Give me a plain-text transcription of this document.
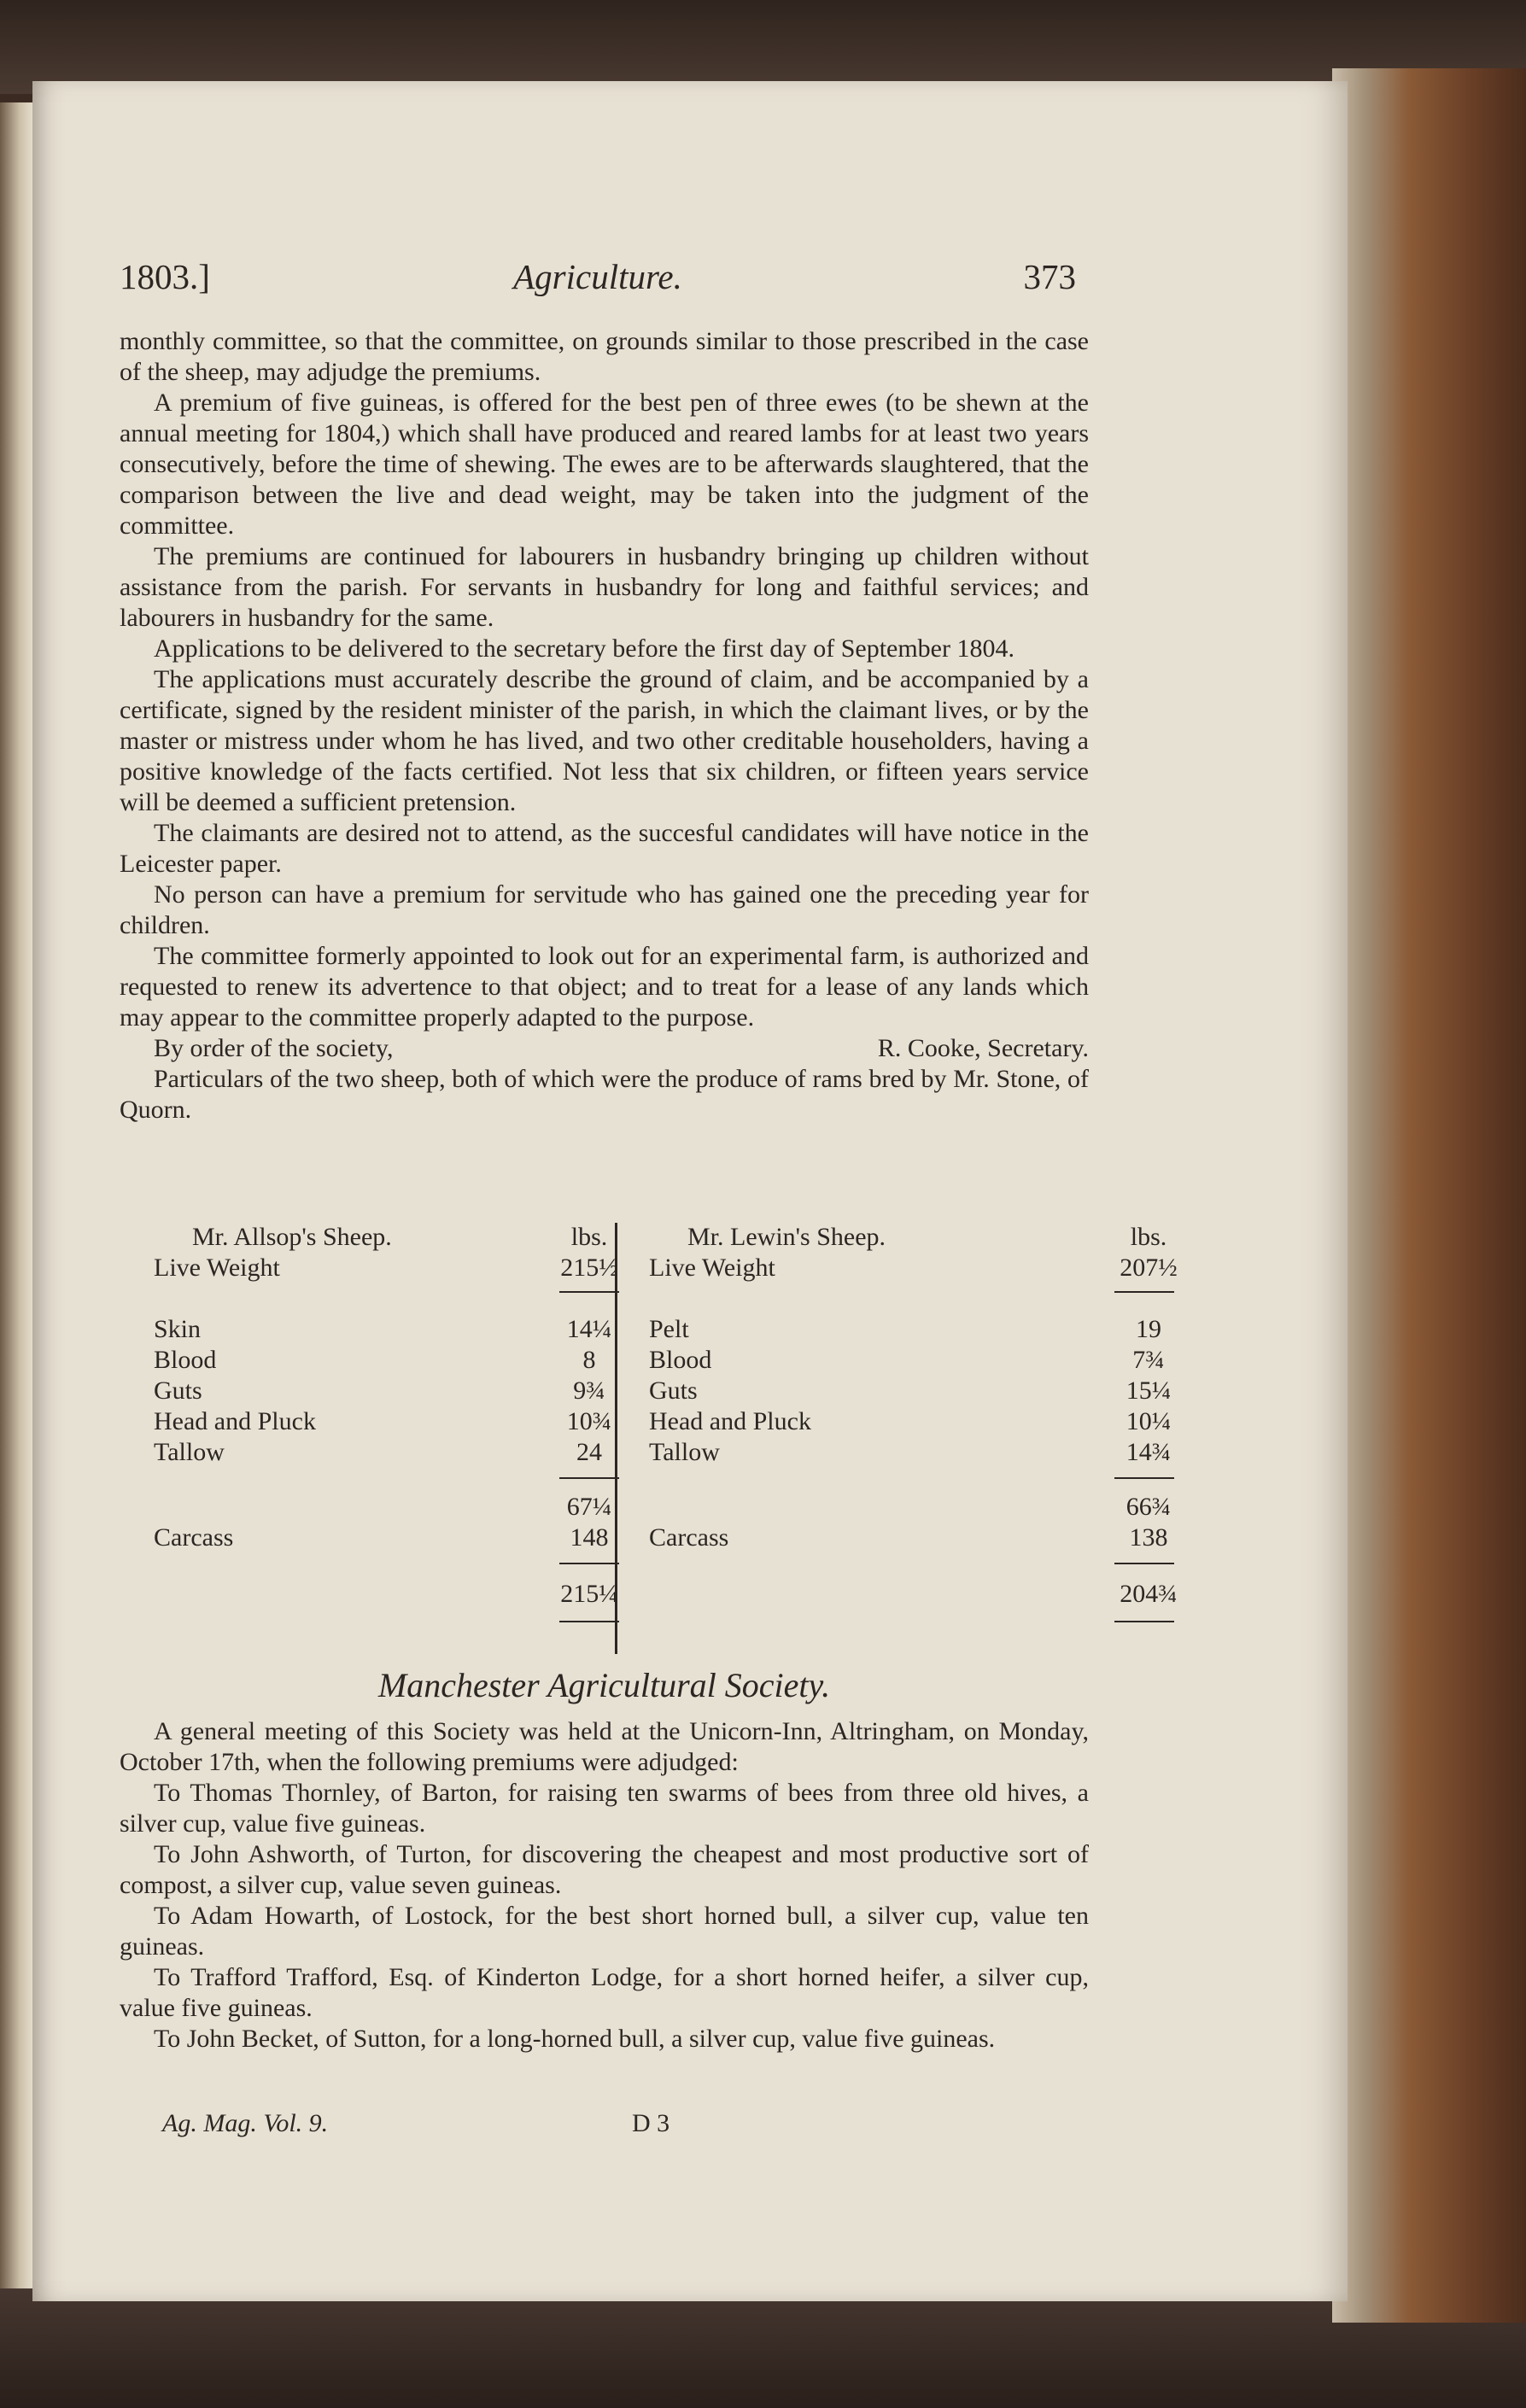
1803.]	Agriculture.	373

monthly committee, so that the committee, on grounds similar to those prescribed in the case of the sheep, may adjudge the premiums.

A premium of five guineas, is offered for the best pen of three ewes (to be shewn at the annual meeting for 1804,) which shall have produced and reared lambs for at least two years consecutively, before the time of shewing. The ewes are to be afterwards slaughtered, that the comparison between the live and dead weight, may be taken into the judgment of the committee.

The premiums are continued for labourers in husbandry bringing up children without assistance from the parish. For servants in husbandry for long and faithful services; and labourers in husbandry for the same.

Applications to be delivered to the secretary before the first day of September 1804.

The applications must accurately describe the ground of claim, and be accompanied by a certificate, signed by the resident minister of the parish, in which the claimant lives, or by the master or mistress under whom he has lived, and two other creditable householders, having a positive knowledge of the facts certified. Not less that six children, or fifteen years service will be deemed a sufficient pretension.

The claimants are desired not to attend, as the succesful candidates will have notice in the Leicester paper.

No person can have a premium for servitude who has gained one the preceding year for children.

The committee formerly appointed to look out for an experimental farm, is authorized and requested to renew its advertence to that object; and to treat for a lease of any lands which may appear to the committee properly adapted to the purpose.

By order of the society,	R. Cooke, Secretary.

Particulars of the two sheep, both of which were the produce of rams bred by Mr. Stone, of Quorn.

Mr. Allsop's Sheep.	lbs.
Live Weight	215½
Skin	14¼
Blood	8
Guts	9¾
Head and Pluck	10¾
Tallow	24
67¼
Carcass	148
215¼
Mr. Lewin's Sheep.	lbs.
Live Weight	207½
Pelt	19
Blood	7¾
Guts	15¼
Head and Pluck	10¼
Tallow	14¾
66¾
Carcass	138
204¾
Manchester Agricultural Society.

A general meeting of this Society was held at the Unicorn-Inn, Altringham, on Monday, October 17th, when the following premiums were adjudged:

To Thomas Thornley, of Barton, for raising ten swarms of bees from three old hives, a silver cup, value five guineas.

To John Ashworth, of Turton, for discovering the cheapest and most productive sort of compost, a silver cup, value seven guineas.

To Adam Howarth, of Lostock, for the best short horned bull, a silver cup, value ten guineas.

To Trafford Trafford, Esq. of Kinderton Lodge, for a short horned heifer, a silver cup, value five guineas.

To John Becket, of Sutton, for a long-horned bull, a silver cup, value five guineas.

Ag. Mag. Vol. 9.	D 3
